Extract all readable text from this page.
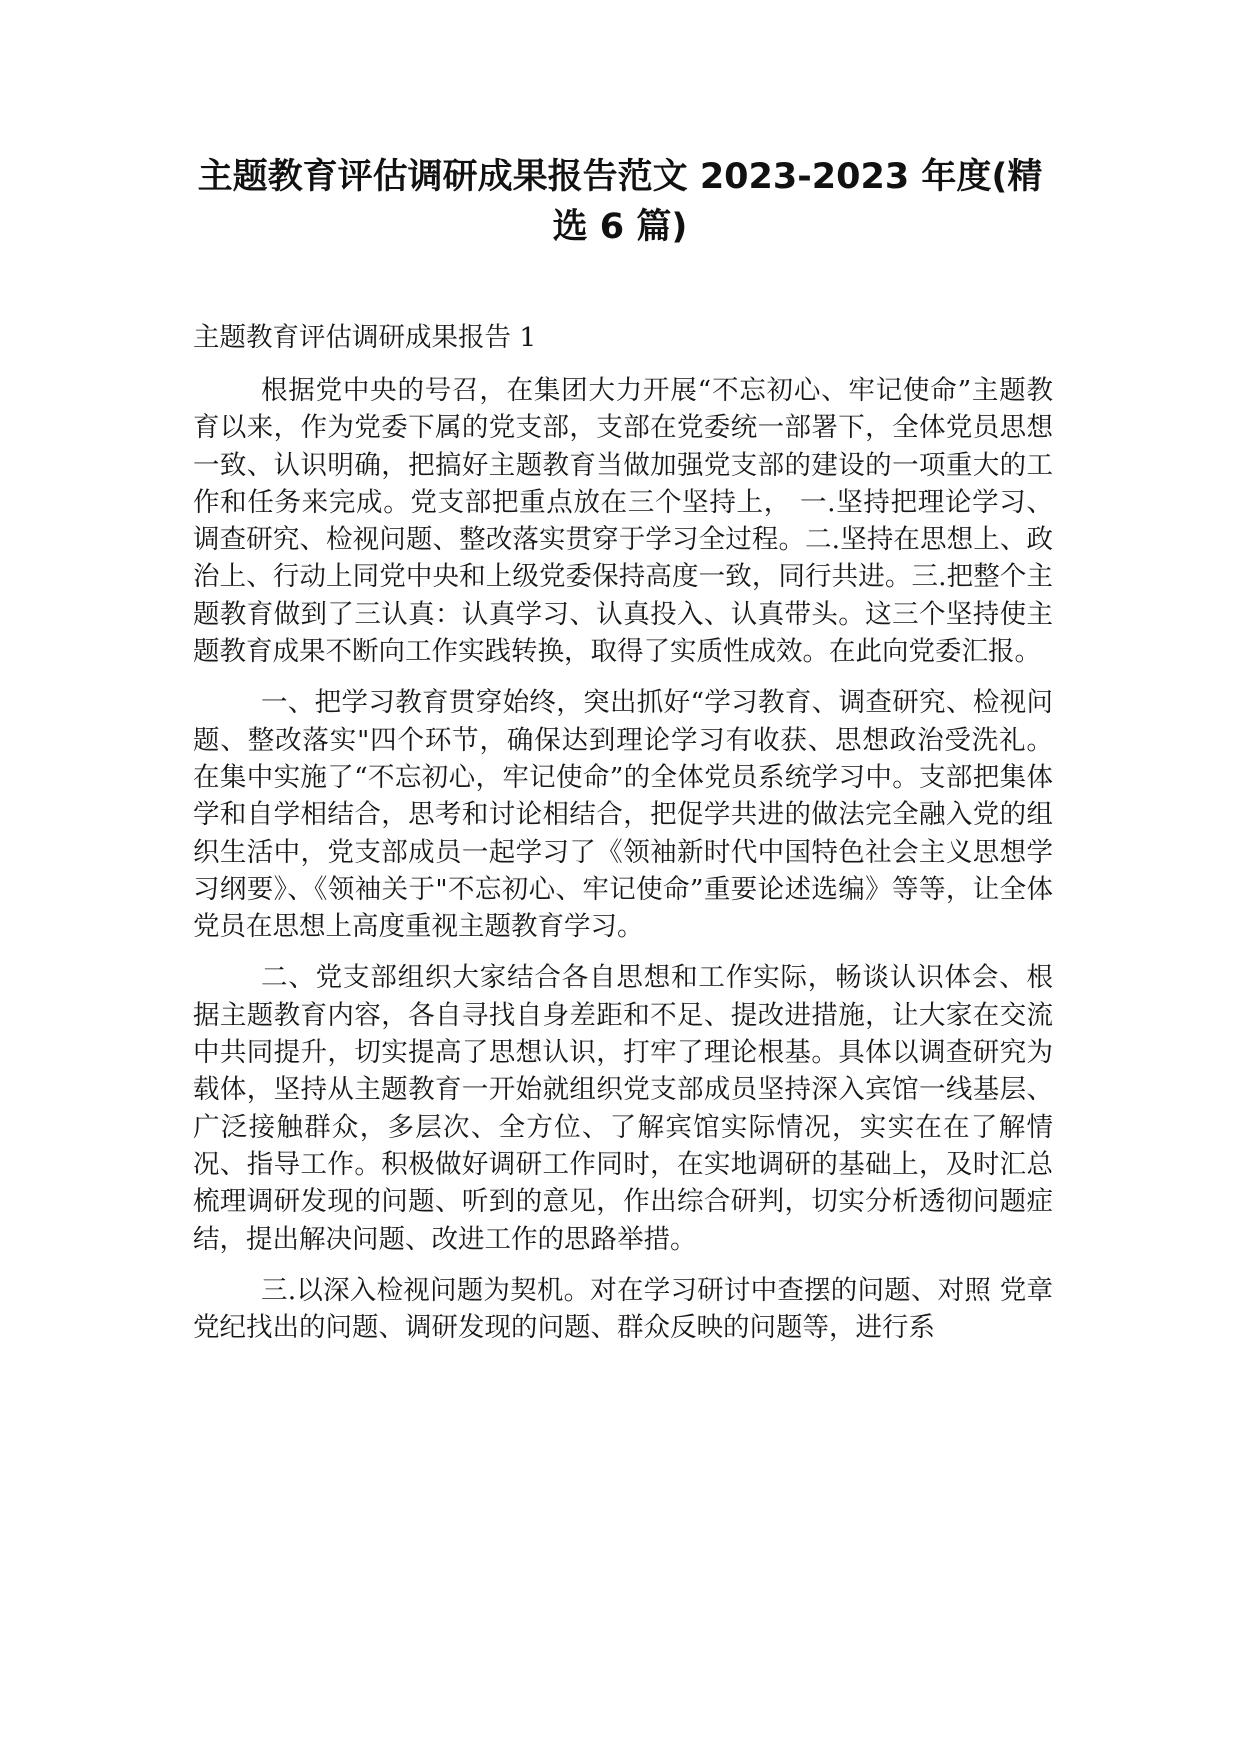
主题教育评估调研成果报告范文 2023-2023 年度(精
选 6 篇)

主题教育评估调研成果报告 1

根据党中央的号召，在集团大力开展“不忘初心、牢记使命”主题教育以来，作为党委下属的党支部，支部在党委统一部署下，全体党员思想一致、认识明确，把搞好主题教育当做加强党支部的建设的一项重大的工作和任务来完成。党支部把重点放在三个坚持上， 一.坚持把理论学习、调查研究、检视问题、整改落实贯穿于学习全过程。二.坚持在思想上、政治上、行动上同党中央和上级党委保持高度一致，同行共进。三.把整个主题教育做到了三认真：认真学习、认真投入、认真带头。这三个坚持使主题教育成果不断向工作实践转换，取得了实质性成效。在此向党委汇报。

一、把学习教育贯穿始终，突出抓好“学习教育、调查研究、检视问题、整改落实"四个环节，确保达到理论学习有收获、思想政治受洗礼。在集中实施了“不忘初心，牢记使命”的全体党员系统学习中。支部把集体学和自学相结合，思考和讨论相结合，把促学共进的做法完全融入党的组织生活中，党支部成员一起学习了《领袖新时代中国特色社会主义思想学习纲要》、《领袖关于"不忘初心、牢记使命”重要论述选编》等等，让全体党员在思想上高度重视主题教育学习。

二、党支部组织大家结合各自思想和工作实际，畅谈认识体会、根据主题教育内容，各自寻找自身差距和不足、提改进措施，让大家在交流中共同提升，切实提高了思想认识，打牢了理论根基。具体以调查研究为载体，坚持从主题教育一开始就组织党支部成员坚持深入宾馆一线基层、广泛接触群众，多层次、全方位、了解宾馆实际情况，实实在在了解情况、指导工作。积极做好调研工作同时，在实地调研的基础上，及时汇总梳理调研发现的问题、听到的意见，作出综合研判，切实分析透彻问题症结，提出解决问题、改进工作的思路举措。

三.以深入检视问题为契机。对在学习研讨中查摆的问题、对照 党章党纪找出的问题、调研发现的问题、群众反映的问题等，进行系
